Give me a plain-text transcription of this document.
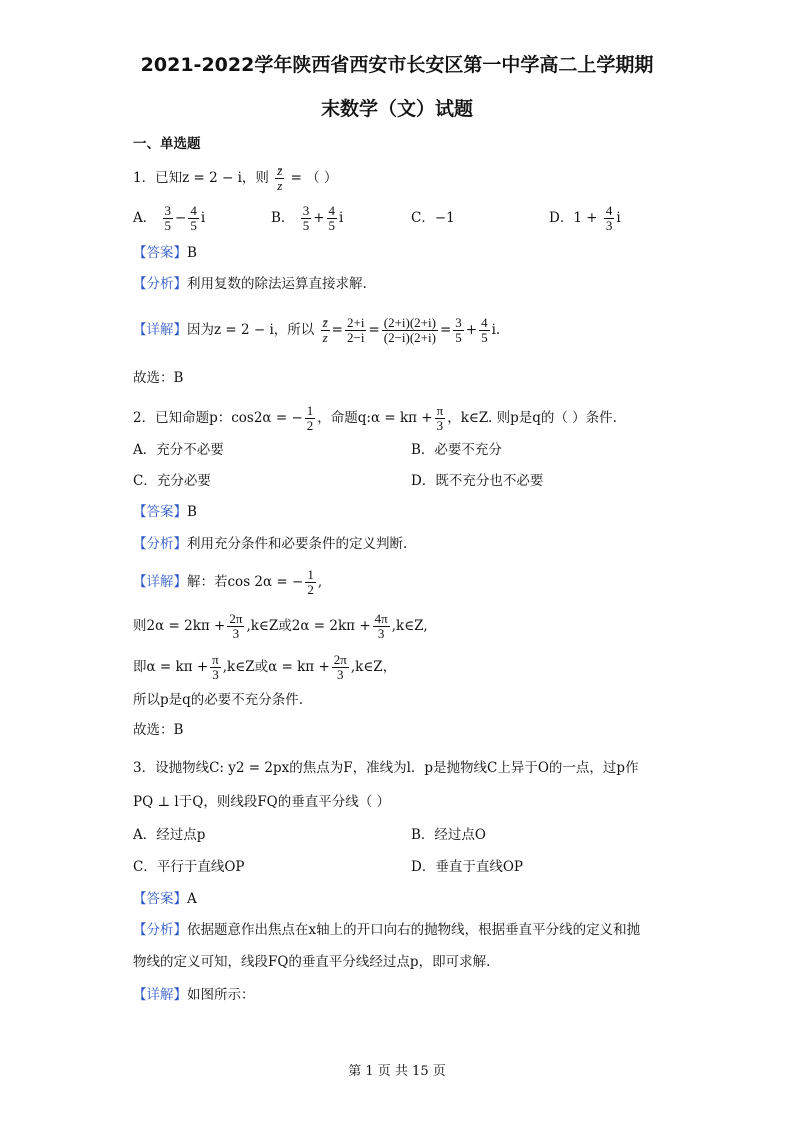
2021-2022学年陕西省西安市长安区第一中学高二上学期期
末数学（文）试题
一、单选题
1．已知z = 2 − i，则 $\frac{z̄}{z}$ = （ ）
A． $\frac{3}{5} - \frac{4}{5}$ i	B． $\frac{3}{5} + \frac{4}{5}$ i	C．−1	D．$1 + \frac{4}{3}$ i
【答案】B
【分析】利用复数的除法运算直接求解.
【详解】因为z = 2 − i，所以 $\frac{z̄}{z} = \frac{2+i}{2-i} = \frac{(2+i)(2+i)}{(2-i)(2+i)} = \frac{3}{5} + \frac{4}{5} i$.
故选：B
2．已知命题p：cos2α = − $\frac{1}{2}$ ，命题q:α = $k\pi + \frac{\pi}{3}$ ，k∈Z. 则p是q的（ ）条件.
A．充分不必要	B．必要不充分
C．充分必要	D．既不充分也不必要
【答案】B
【分析】利用充分条件和必要条件的定义判断.
【详解】解：若cos 2α = − $\frac{1}{2}$ ,
则$2\alpha = 2k\pi + \frac{2\pi}{3}$ ,k∈Z或$2\alpha = 2k\pi + \frac{4\pi}{3}$ ,k∈Z,
即$\alpha = k\pi + \frac{\pi}{3}$ ,k∈Z或$\alpha = k\pi + \frac{2\pi}{3}$ ,k∈Z，
所以p是q的必要不充分条件.
故选：B
3．设抛物线C: y2 = 2px的焦点为F，准线为l．p是抛物线C上异于O的一点，过p作
PQ ⊥ l于Q，则线段FQ的垂直平分线（ ）
A．经过点p	B．经过点O
C．平行于直线OP	D．垂直于直线OP
【答案】A
【分析】依据题意作出焦点在x轴上的开口向右的抛物线，根据垂直平分线的定义和抛
物线的定义可知，线段FQ的垂直平分线经过点p，即可求解.
【详解】如图所示：
第 1 页 共 15 页
